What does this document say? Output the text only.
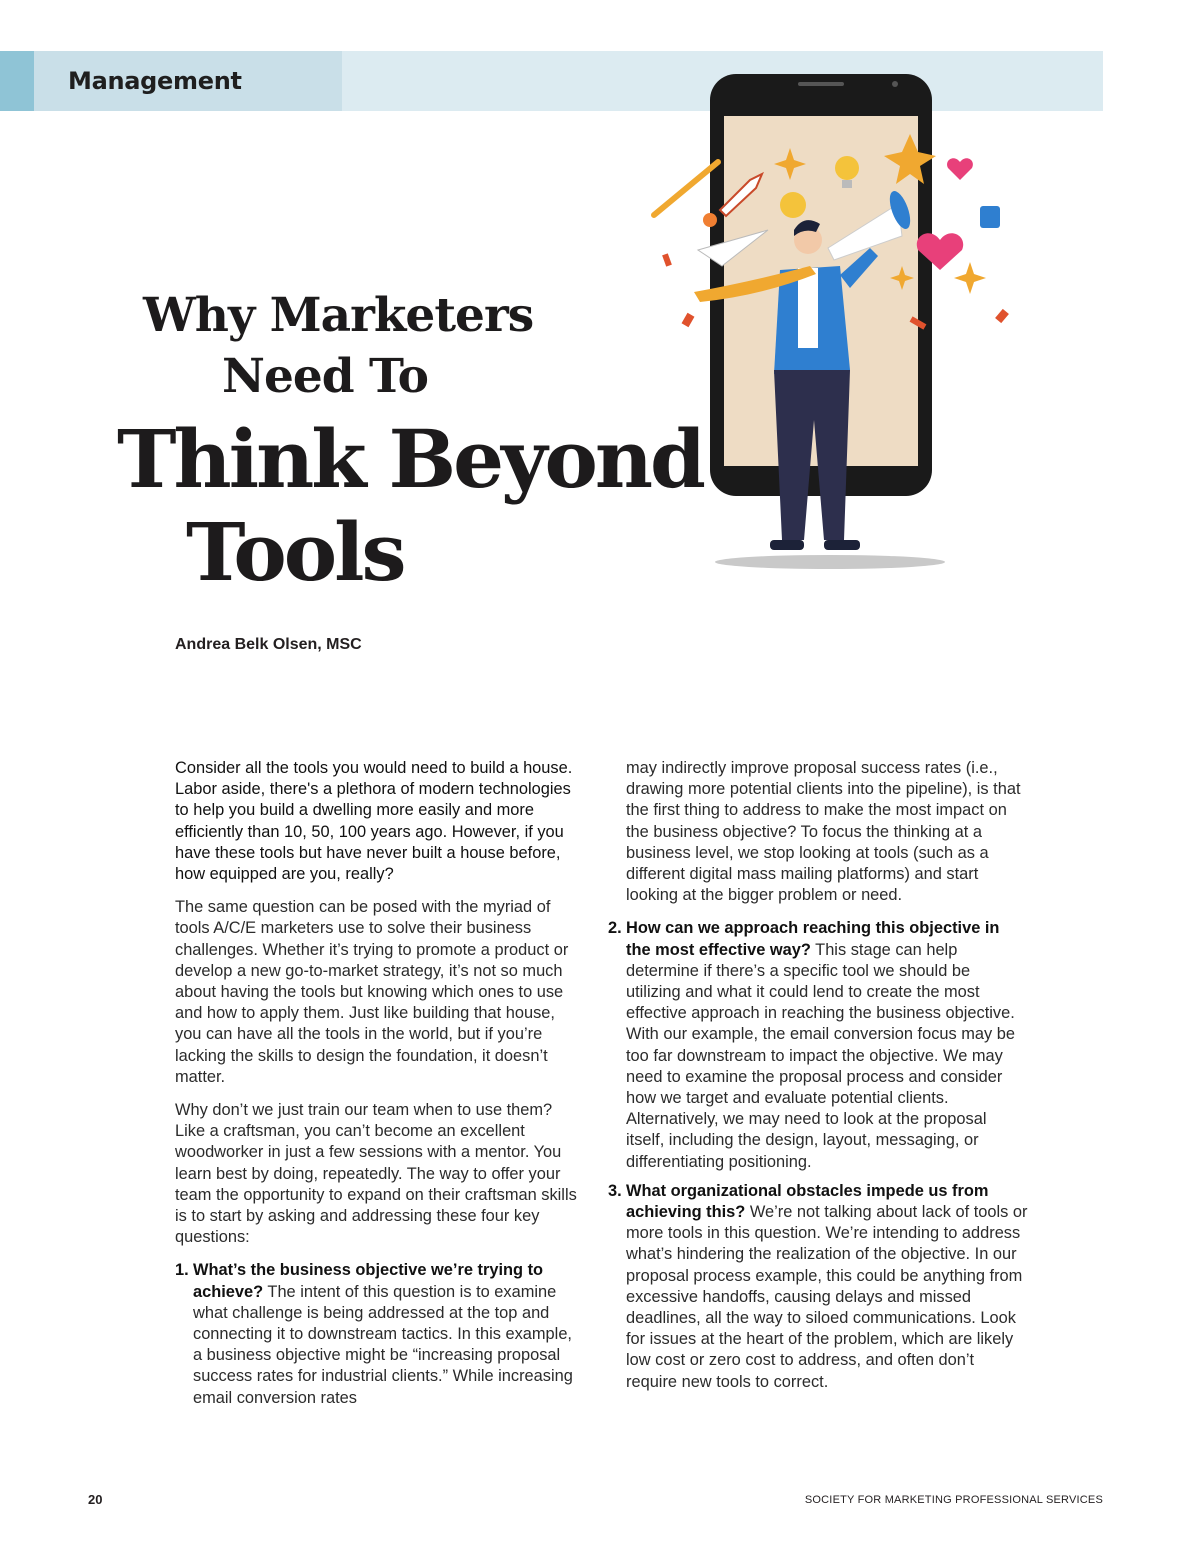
Management
Why Marketers
Need To
Think Beyond
Tools
Andrea Belk Olsen, MSC

Consider all the tools you would need to build a house. Labor aside, there's a plethora of modern technologies to help you build a dwelling more easily and more efficiently than 10, 50, 100 years ago. However, if you have these tools but have never built a house before, how equipped are you, really?

The same question can be posed with the myriad of tools A/C/E marketers use to solve their business challenges. Whether it’s trying to promote a product or develop a new go-to-market strategy, it’s not so much about having the tools but knowing which ones to use and how to apply them. Just like building that house, you can have all the tools in the world, but if you’re lacking the skills to design the foundation, it doesn’t matter.

Why don’t we just train our team when to use them? Like a craftsman, you can’t become an excellent woodworker in just a few sessions with a mentor. You learn best by doing, repeatedly. The way to offer your team the opportunity to expand on their craftsman skills is to start by asking and addressing these four key questions:

1. What’s the business objective we’re trying to achieve? The intent of this question is to examine what challenge is being addressed at the top and connecting it to downstream tactics. In this example, a business objective might be “increasing proposal success rates for industrial clients.” While increasing email conversion rates

may indirectly improve proposal success rates (i.e., drawing more potential clients into the pipeline), is that the first thing to address to make the most impact on the business objective? To focus the thinking at a business level, we stop looking at tools (such as a different digital mass mailing platforms) and start looking at the bigger problem or need.

2. How can we approach reaching this objective in the most effective way? This stage can help determine if there’s a specific tool we should be utilizing and what it could lend to create the most effective approach in reaching the business objective. With our example, the email conversion focus may be too far downstream to impact the objective. We may need to examine the proposal process and consider how we target and evaluate potential clients. Alternatively, we may need to look at the proposal itself, including the design, layout, messaging, or differentiating positioning.
3. What organizational obstacles impede us from achieving this? We’re not talking about lack of tools or more tools in this question. We’re intending to address what’s hindering the realization of the objective. In our proposal process example, this could be anything from excessive handoffs, causing delays and missed deadlines, all the way to siloed communications. Look for issues at the heart of the problem, which are likely low cost or zero cost to address, and often don’t require new tools to correct.
20	SOCIETY FOR MARKETING PROFESSIONAL SERVICES
